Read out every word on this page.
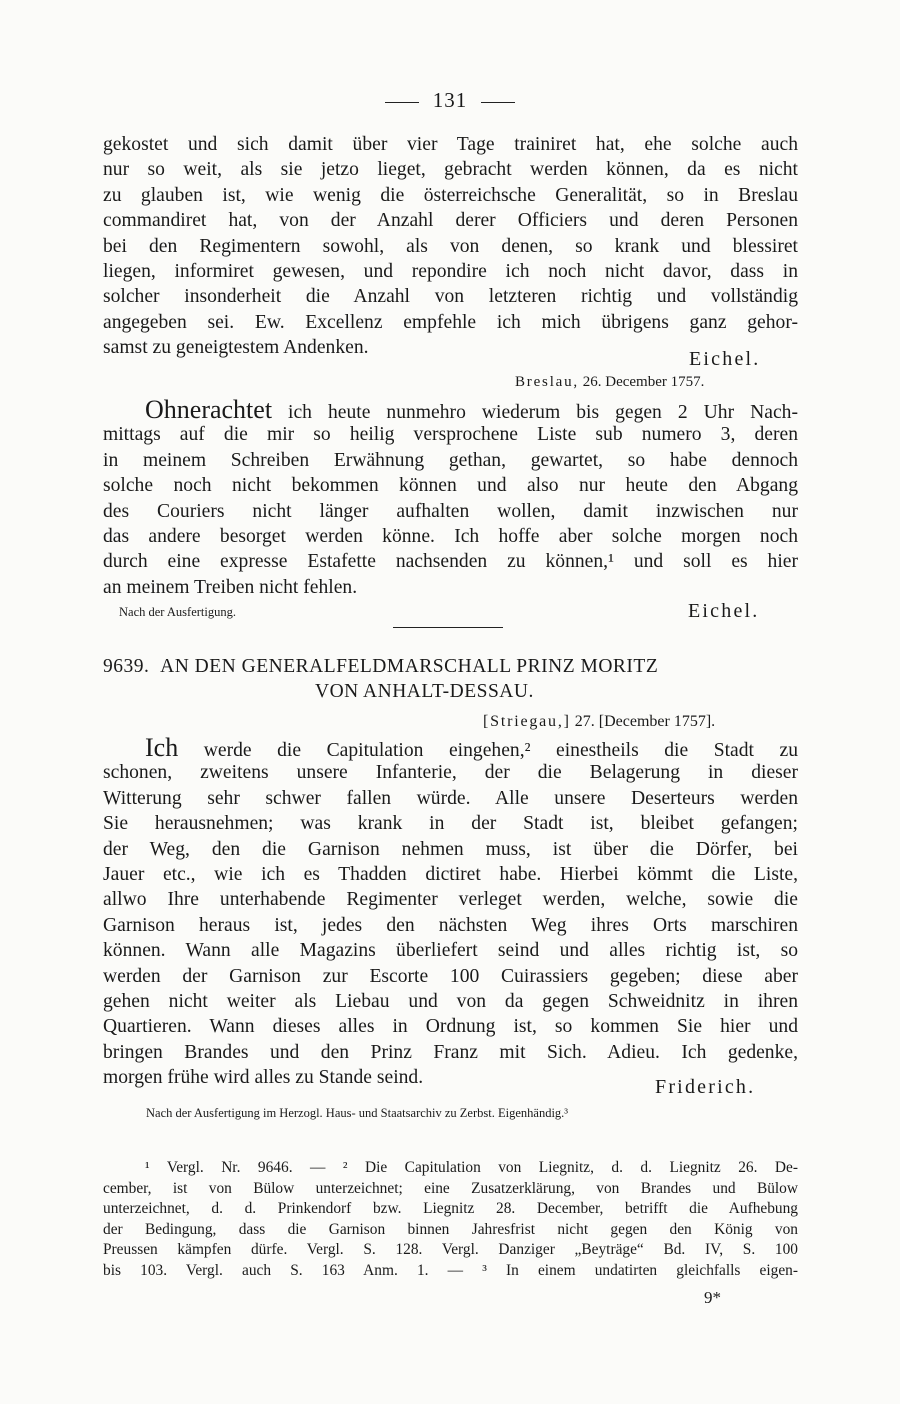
131
gekostet und sich damit über vier Tage trainiret hat, ehe solche auch
nur so weit, als sie jetzo lieget, gebracht werden können, da es nicht
zu glauben ist, wie wenig die österreichsche Generalität, so in Breslau
commandiret hat, von der Anzahl derer Officiers und deren Personen
bei den Regimentern sowohl, als von denen, so krank und blessiret
liegen, informiret gewesen, und repondire ich noch nicht davor, dass in
solcher insonderheit die Anzahl von letzteren richtig und vollständig
angegeben sei. Ew. Excellenz empfehle ich mich übrigens ganz gehor-
samst zu geneigtestem Andenken.
Eichel.
Breslau, 26. December 1757.
Ohnerachtet ich heute nunmehro wiederum bis gegen 2 Uhr Nach-
mittags auf die mir so heilig versprochene Liste sub numero 3, deren
in meinem Schreiben Erwähnung gethan, gewartet, so habe dennoch
solche noch nicht bekommen können und also nur heute den Abgang
des Couriers nicht länger aufhalten wollen, damit inzwischen nur
das andere besorget werden könne. Ich hoffe aber solche morgen noch
durch eine expresse Estafette nachsenden zu können,¹ und soll es hier
an meinem Treiben nicht fehlen.
Nach der Ausfertigung.	Eichel.
9639. AN DEN GENERALFELDMARSCHALL PRINZ MORITZ
VON ANHALT-DESSAU.
[Striegau,] 27. [December 1757].
Ich werde die Capitulation eingehen,² einestheils die Stadt zu
schonen, zweitens unsere Infanterie, der die Belagerung in dieser
Witterung sehr schwer fallen würde. Alle unsere Deserteurs werden
Sie herausnehmen; was krank in der Stadt ist, bleibet gefangen;
der Weg, den die Garnison nehmen muss, ist über die Dörfer, bei
Jauer etc., wie ich es Thadden dictiret habe. Hierbei kömmt die Liste,
allwo Ihre unterhabende Regimenter verleget werden, welche, sowie die
Garnison heraus ist, jedes den nächsten Weg ihres Orts marschiren
können. Wann alle Magazins überliefert seind und alles richtig ist, so
werden der Garnison zur Escorte 100 Cuirassiers gegeben; diese aber
gehen nicht weiter als Liebau und von da gegen Schweidnitz in ihren
Quartieren. Wann dieses alles in Ordnung ist, so kommen Sie hier und
bringen Brandes und den Prinz Franz mit Sich. Adieu. Ich gedenke,
morgen frühe wird alles zu Stande seind.	Friderich.
Nach der Ausfertigung im Herzogl. Haus- und Staatsarchiv zu Zerbst. Eigenhändig.³
¹ Vergl. Nr. 9646. — ² Die Capitulation von Liegnitz, d. d. Liegnitz 26. De-
cember, ist von Bülow unterzeichnet; eine Zusatzerklärung, von Brandes und Bülow
unterzeichnet, d. d. Prinkendorf bzw. Liegnitz 28. December, betrifft die Aufhebung
der Bedingung, dass die Garnison binnen Jahresfrist nicht gegen den König von
Preussen kämpfen dürfe. Vergl. S. 128. Vergl. Danziger „Beyträge“ Bd. IV, S. 100
bis 103. Vergl. auch S. 163 Anm. 1. — ³ In einem undatirten gleichfalls eigen-
9*
